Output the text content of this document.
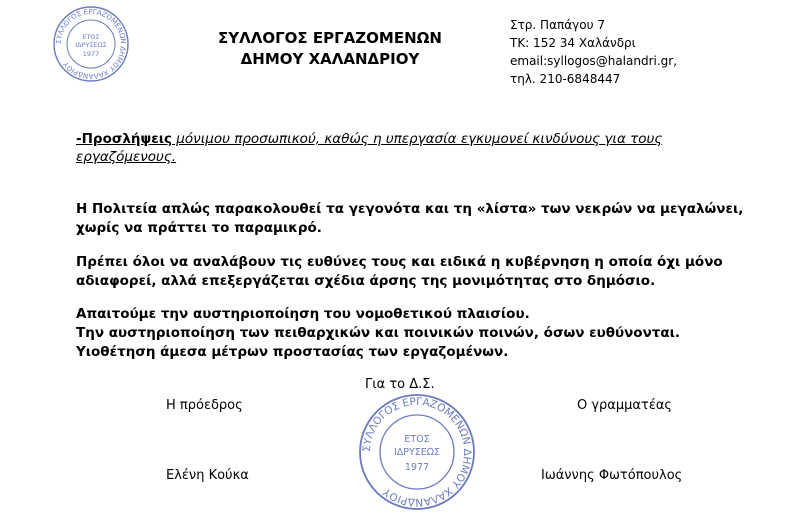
ΣΥΛΛΟΓΟΣ ΕΡΓΑΖΟΜΕΝΩΝ ΔΗΜΟΥ ΧΑΛΑΝΔΡΙΟΥ
ΕΤΟΣ
ΙΔΡΥΣΕΩΣ
1977
ΣΥΛΛΟΓΟΣ ΕΡΓΑΖΟΜΕΝΩΝ
ΔΗΜΟΥ ΧΑΛΑΝΔΡΙΟΥ
Στρ. Παπάγου 7
ΤΚ: 152 34 Χαλάνδρι
email:syllogos@halandri.gr,
τηλ. 210-6848447
-Προσλήψεις μόνιμου προσωπικού, καθώς η υπεργασία εγκυμονεί κινδύνους για τους εργαζόμενους.
Η Πολιτεία απλώς παρακολουθεί τα γεγονότα και τη «λίστα» των νεκρών να μεγαλώνει,
χωρίς να πράττει το παραμικρό.
Πρέπει όλοι να αναλάβουν τις ευθύνες τους και ειδικά η κυβέρνηση η οποία όχι μόνο
αδιαφορεί, αλλά επεξεργάζεται σχέδια άρσης της μονιμότητας στο δημόσιο.
Απαιτούμε την αυστηριοποίηση του νομοθετικού πλαισίου.
Την αυστηριοποίηση των πειθαρχικών και ποινικών ποινών, όσων ευθύνονται.
Υιοθέτηση άμεσα μέτρων προστασίας των εργαζομένων.
Για το Δ.Σ.
Η πρόεδρος	Ο γραμματέας
Ελένη Κούκα	Ιωάννης Φωτόπουλος
ΣΥΛΛΟΓΟΣ ΕΡΓΑΖΟΜΕΝΩΝ ΔΗΜΟΥ ΧΑΛΑΝΔΡΙΟΥ
ΕΤΟΣ
ΙΔΡΥΣΕΩΣ
1977
